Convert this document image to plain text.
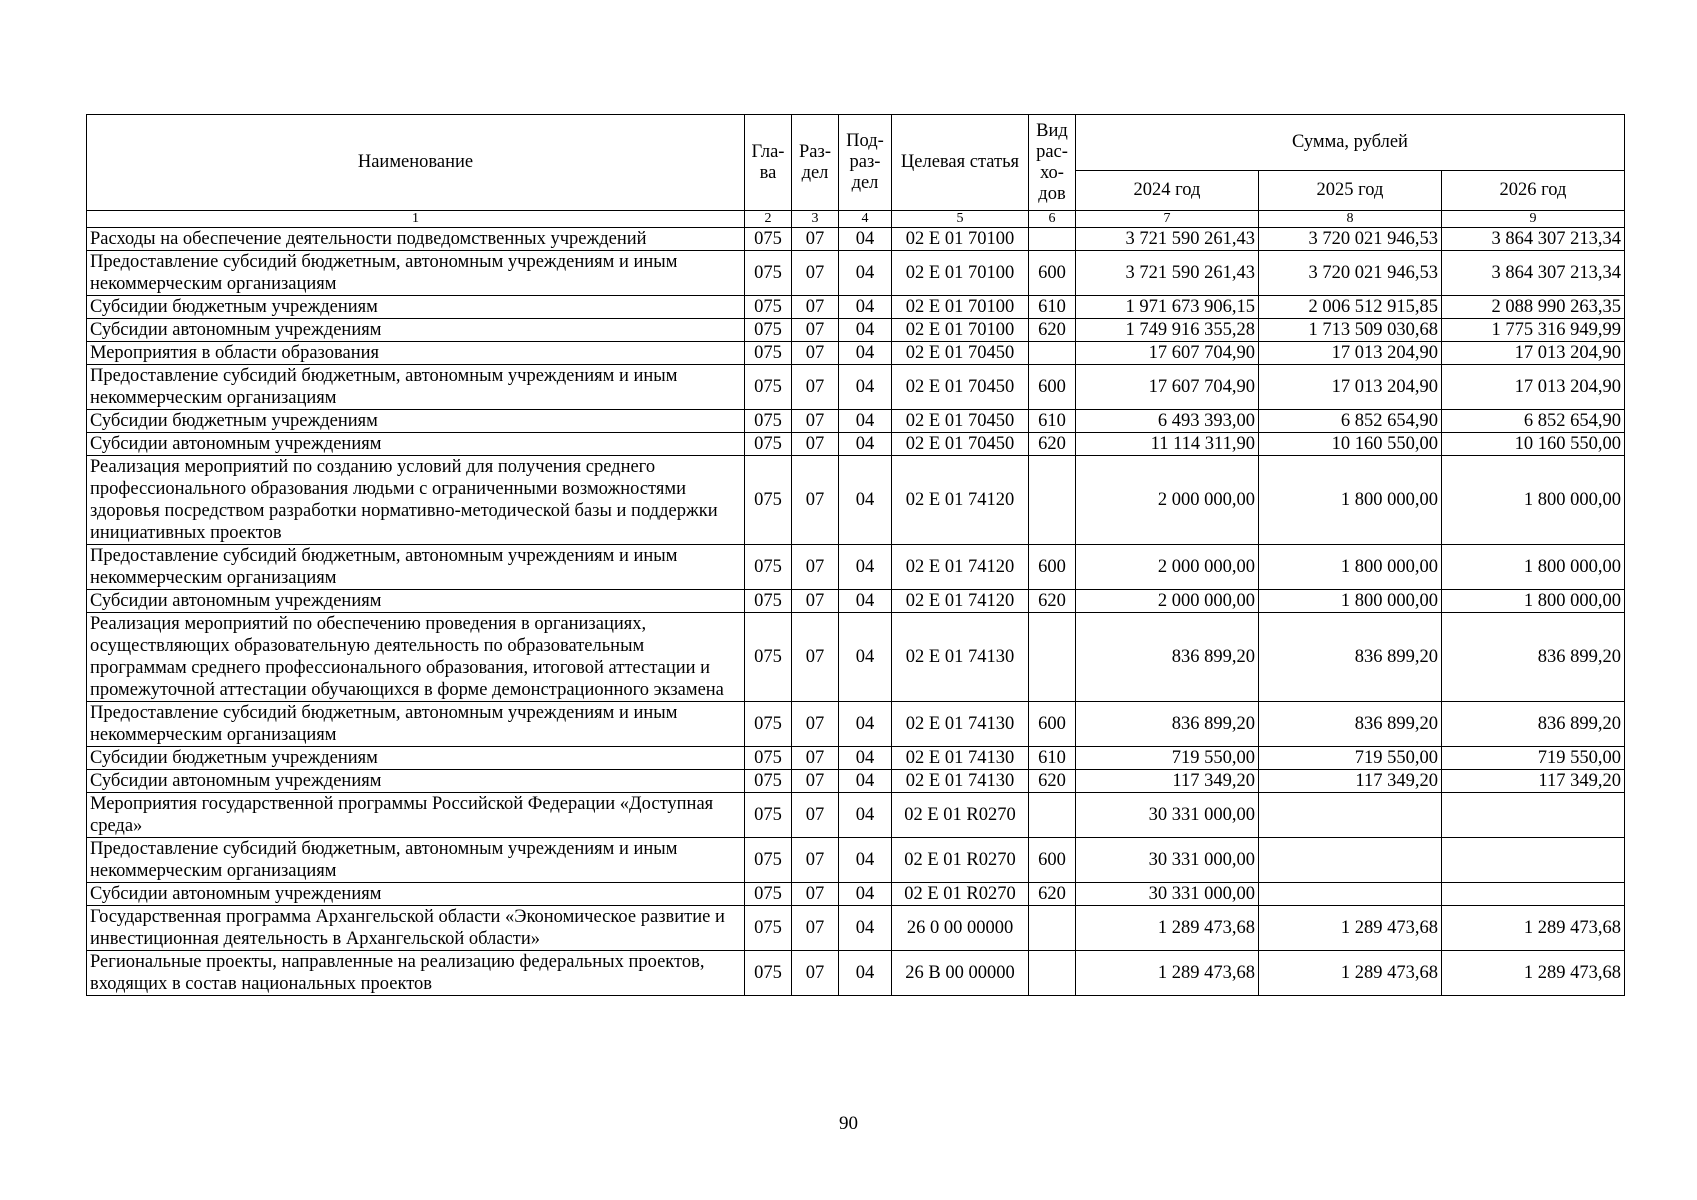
Наименование	Гла-ва	Раз-дел	Под-раз-дел	Целевая статья	Вид рас-хо-дов	Сумма, рублей		
						2024 год	2025 год	2026 год
1	2	3	4	5	6	7	8	9
Расходы на обеспечение деятельности подведомственных учреждений	075	07	04	02 Е 01 70100		3 721 590 261,43	3 720 021 946,53	3 864 307 213,34
Предоставление субсидий бюджетным, автономным учреждениям и иным некоммерческим организациям	075	07	04	02 Е 01 70100	600	3 721 590 261,43	3 720 021 946,53	3 864 307 213,34
Субсидии бюджетным учреждениям	075	07	04	02 Е 01 70100	610	1 971 673 906,15	2 006 512 915,85	2 088 990 263,35
Субсидии автономным учреждениям	075	07	04	02 Е 01 70100	620	1 749 916 355,28	1 713 509 030,68	1 775 316 949,99
Мероприятия в области образования	075	07	04	02 Е 01 70450		17 607 704,90	17 013 204,90	17 013 204,90
Предоставление субсидий бюджетным, автономным учреждениям и иным некоммерческим организациям	075	07	04	02 Е 01 70450	600	17 607 704,90	17 013 204,90	17 013 204,90
Субсидии бюджетным учреждениям	075	07	04	02 Е 01 70450	610	6 493 393,00	6 852 654,90	6 852 654,90
Субсидии автономным учреждениям	075	07	04	02 Е 01 70450	620	11 114 311,90	10 160 550,00	10 160 550,00
Реализация мероприятий по созданию условий для получения среднего профессионального образования людьми с ограниченными возможностями здоровья посредством разработки нормативно-методической базы и поддержки инициативных проектов	075	07	04	02 Е 01 74120		2 000 000,00	1 800 000,00	1 800 000,00
Предоставление субсидий бюджетным, автономным учреждениям и иным некоммерческим организациям	075	07	04	02 Е 01 74120	600	2 000 000,00	1 800 000,00	1 800 000,00
Субсидии автономным учреждениям	075	07	04	02 Е 01 74120	620	2 000 000,00	1 800 000,00	1 800 000,00
Реализация мероприятий по обеспечению проведения в организациях, осуществляющих образовательную деятельность по образовательным программам среднего профессионального образования, итоговой аттестации и промежуточной аттестации обучающихся в форме демонстрационного экзамена	075	07	04	02 Е 01 74130		836 899,20	836 899,20	836 899,20
Предоставление субсидий бюджетным, автономным учреждениям и иным некоммерческим организациям	075	07	04	02 Е 01 74130	600	836 899,20	836 899,20	836 899,20
Субсидии бюджетным учреждениям	075	07	04	02 Е 01 74130	610	719 550,00	719 550,00	719 550,00
Субсидии автономным учреждениям	075	07	04	02 Е 01 74130	620	117 349,20	117 349,20	117 349,20
Мероприятия государственной программы Российской Федерации «Доступная среда»	075	07	04	02 Е 01 R0270		30 331 000,00		
Предоставление субсидий бюджетным, автономным учреждениям и иным некоммерческим организациям	075	07	04	02 Е 01 R0270	600	30 331 000,00		
Субсидии автономным учреждениям	075	07	04	02 Е 01 R0270	620	30 331 000,00		
Государственная программа Архангельской области «Экономическое развитие и инвестиционная деятельность в Архангельской области»	075	07	04	26 0 00 00000		1 289 473,68	1 289 473,68	1 289 473,68
Региональные проекты, направленные на реализацию федеральных проектов, входящих в состав национальных проектов	075	07	04	26 В 00 00000		1 289 473,68	1 289 473,68	1 289 473,68
90
